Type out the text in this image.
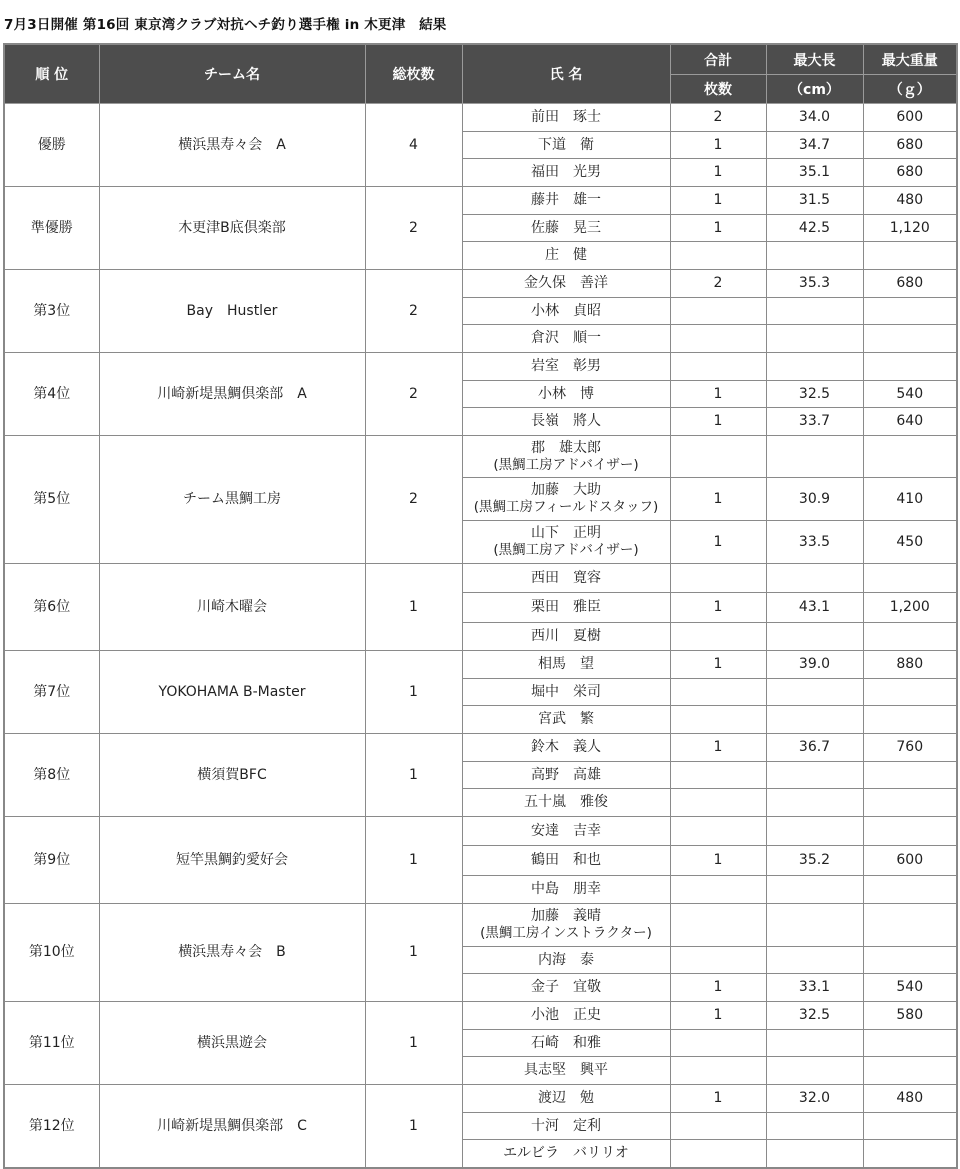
7月3日開催 第16回 東京湾クラブ対抗ヘチ釣り選手権 in 木更津　結果
順 位	チーム名	総枚数	氏 名	合計	最大長	最大重量
				枚数	（cm）	（ｇ）
優勝	横浜黒寿々会　A	4	前田　琢士	2	34.0	600

			下道　衛	1	34.7	680

			福田　光男	1	35.1	680
準優勝	木更津B底倶楽部	2	藤井　雄一	1	31.5	480

			佐藤　晃三	1	42.5	1,120

			庄　健			

第3位	Bay　Hustler	2	金久保　善洋	2	35.3	680

			小林　貞昭			

			倉沢　順一			

第4位	川崎新堤黒鯛倶楽部　A	2	岩室　彰男			

			小林　博	1	32.5	540

			長嶺　將人	1	33.7	640
第5位	チーム黒鯛工房	2	郡　雄太郎
(黒鯛工房アドバイザー)			

			加藤　大助
(黒鯛工房フィールドスタッフ)	1	30.9	410

			山下　正明
(黒鯛工房アドバイザー)	1	33.5	450
第6位	川崎木曜会	1	西田　寛容			

			栗田　雅臣	1	43.1	1,200

			西川　夏樹			

第7位	YOKOHAMA B-Master	1	相馬　望	1	39.0	880

			堀中　栄司			

			宮武　繁			

第8位	横須賀BFC	1	鈴木　義人	1	36.7	760

			高野　高雄			

			五十嵐　雅俊			

第9位	短竿黒鯛釣愛好会	1	安達　吉幸			

			鶴田　和也	1	35.2	600

			中島　朋幸			

第10位	横浜黒寿々会　B	1	加藤　義晴
(黒鯛工房インストラクター)			

			内海　泰			

			金子　宜敬	1	33.1	540
第11位	横浜黒遊会	1	小池　正史	1	32.5	580

			石崎　和雅			

			具志堅　興平			

第12位	川崎新堤黒鯛倶楽部　C	1	渡辺　勉	1	32.0	480

			十河　定利			

			エルビラ　バリリオ			
